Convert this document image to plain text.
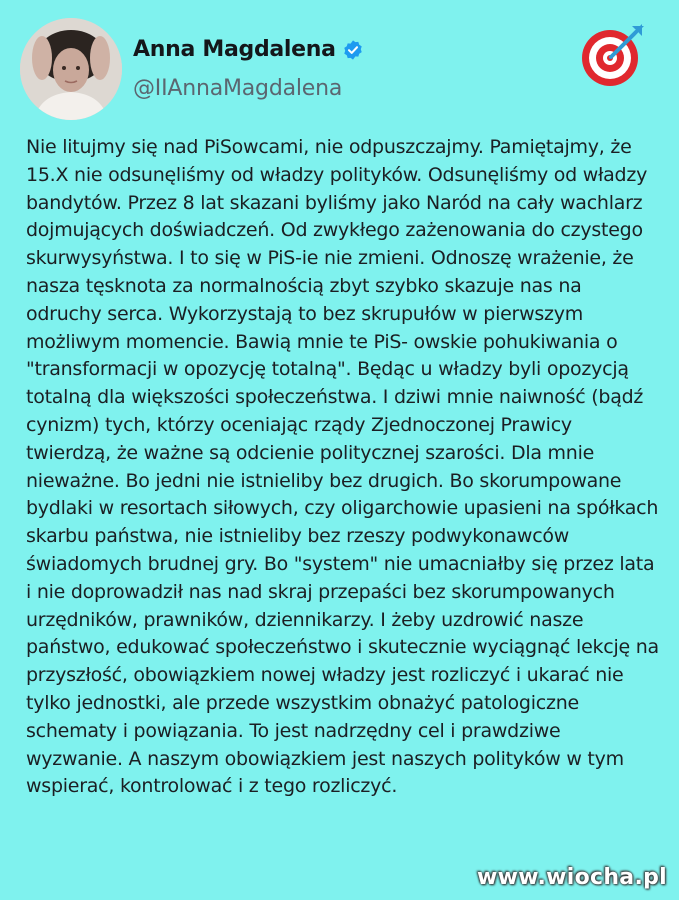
Anna Magdalena
@IIAnnaMagdalena
Nie litujmy się nad PiSowcami, nie odpuszczajmy. Pamiętajmy, że 15.X nie odsunęliśmy od władzy polityków. Odsunęliśmy od władzy bandytów. Przez 8 lat skazani byliśmy jako Naród na cały wachlarz dojmujących doświadczeń. Od zwykłego zażenowania do czystego skurwysyństwa. I to się w PiS-ie nie zmieni. Odnoszę wrażenie, że nasza tęsknota za normalnością zbyt szybko skazuje nas na odruchy serca. Wykorzystają to bez skrupułów w pierwszym możliwym momencie. Bawią mnie te PiS- owskie pohukiwania o "transformacji w opozycję totalną". Będąc u władzy byli opozycją totalną dla większości społeczeństwa. I dziwi mnie naiwność (bądź cynizm) tych, którzy oceniając rządy Zjednoczonej Prawicy twierdzą, że ważne są odcienie politycznej szarości. Dla mnie nieważne. Bo jedni nie istnieliby bez drugich. Bo skorumpowane bydlaki w resortach siłowych, czy oligarchowie upasieni na spółkach skarbu państwa, nie istnieliby bez rzeszy podwykonawców świadomych brudnej gry. Bo "system" nie umacniałby się przez lata i nie doprowadził nas nad skraj przepaści bez skorumpowanych urzędników, prawników, dziennikarzy. I żeby uzdrowić nasze państwo, edukować społeczeństwo i skutecznie wyciągnąć lekcję na przyszłość, obowiązkiem nowej władzy jest rozliczyć i ukarać nie tylko jednostki, ale przede wszystkim obnażyć patologiczne schematy i powiązania. To jest nadrzędny cel i prawdziwe wyzwanie. A naszym obowiązkiem jest naszych polityków w tym wspierać, kontrolować i z tego rozliczyć.
www.wiocha.pl
